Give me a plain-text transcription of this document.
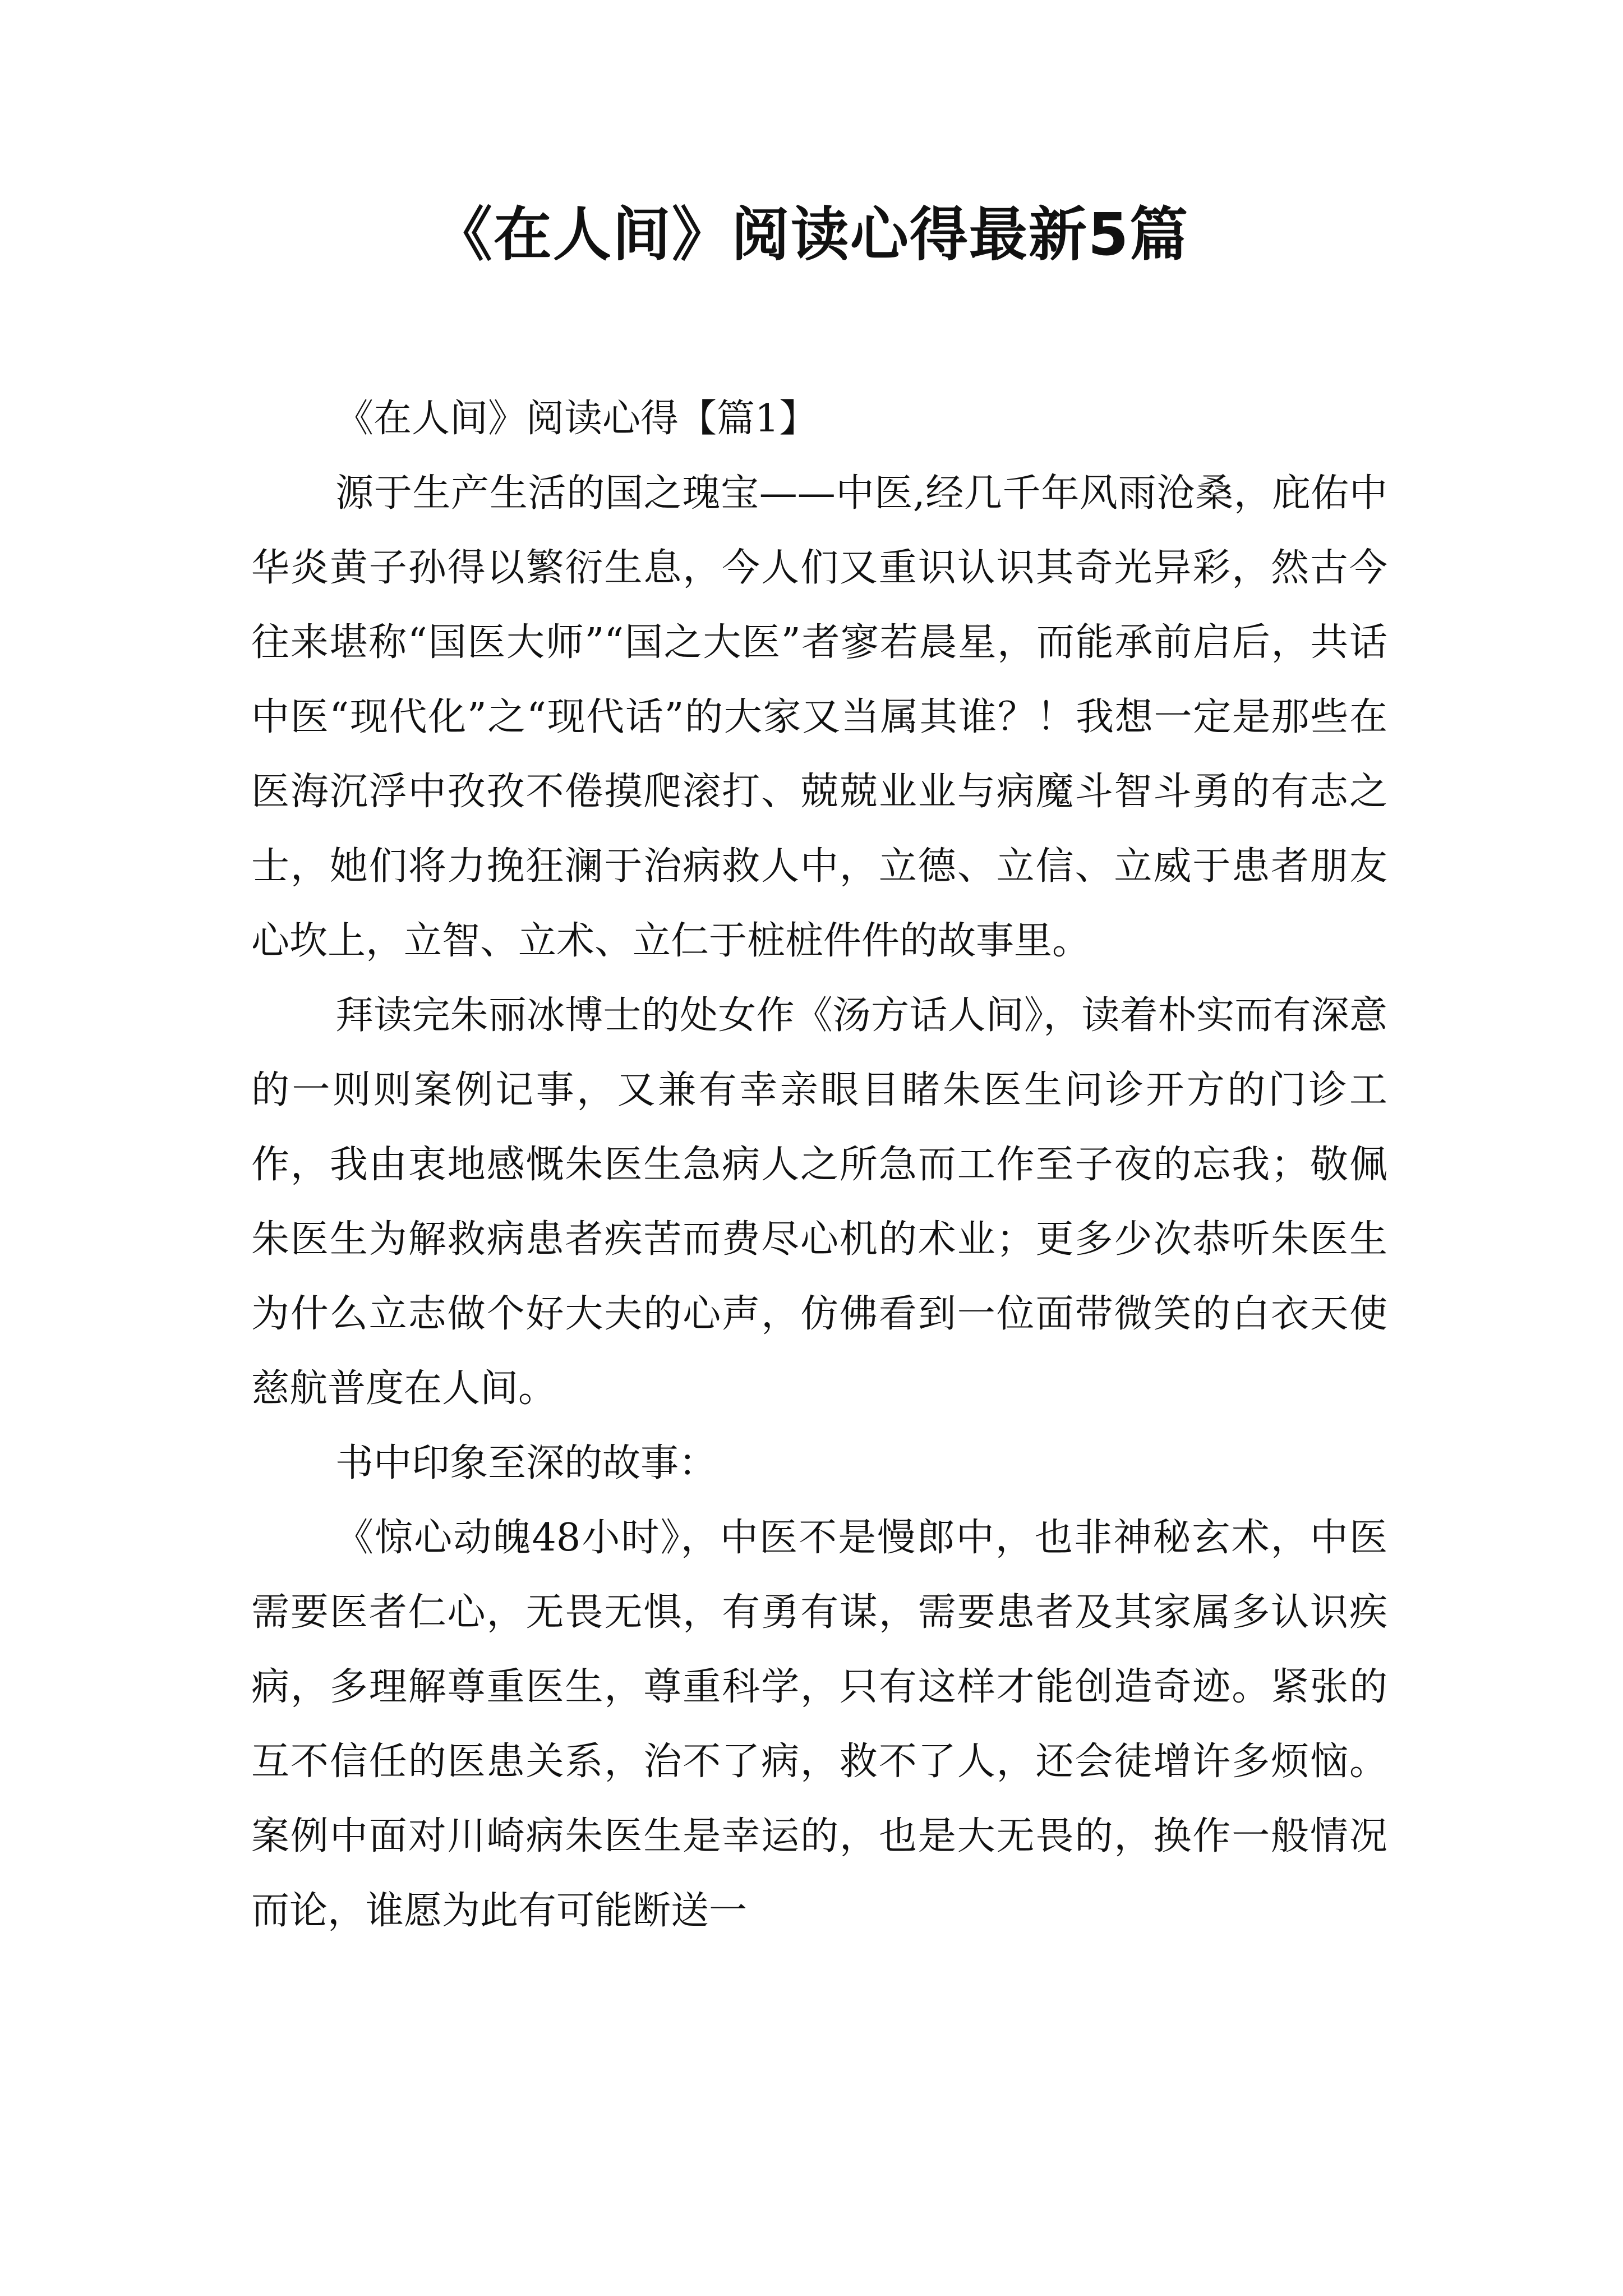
《在人间》阅读心得最新5篇

《在人间》阅读心得【篇1】

源于生产生活的国之瑰宝——中医,经几千年风雨沧桑，庇佑中华炎黄子孙得以繁衍生息，今人们又重识认识其奇光异彩，然古今往来堪称“国医大师”“国之大医”者寥若晨星，而能承前启后，共话中医“现代化”之“现代话”的大家又当属其谁？！我想一定是那些在医海沉浮中孜孜不倦摸爬滚打、兢兢业业与病魔斗智斗勇的有志之士，她们将力挽狂澜于治病救人中，立德、立信、立威于患者朋友心坎上，立智、立术、立仁于桩桩件件的故事里。

拜读完朱丽冰博士的处女作《汤方话人间》，读着朴实而有深意的一则则案例记事，又兼有幸亲眼目睹朱医生问诊开方的门诊工作，我由衷地感慨朱医生急病人之所急而工作至子夜的忘我；敬佩朱医生为解救病患者疾苦而费尽心机的术业；更多少次恭听朱医生为什么立志做个好大夫的心声，仿佛看到一位面带微笑的白衣天使慈航普度在人间。

书中印象至深的故事：

《惊心动魄48小时》，中医不是慢郎中，也非神秘玄术，中医需要医者仁心，无畏无惧，有勇有谋，需要患者及其家属多认识疾病，多理解尊重医生，尊重科学，只有这样才能创造奇迹。紧张的互不信任的医患关系，治不了病，救不了人，还会徒增许多烦恼。案例中面对川崎病朱医生是幸运的，也是大无畏的，换作一般情况而论，谁愿为此有可能断送一
